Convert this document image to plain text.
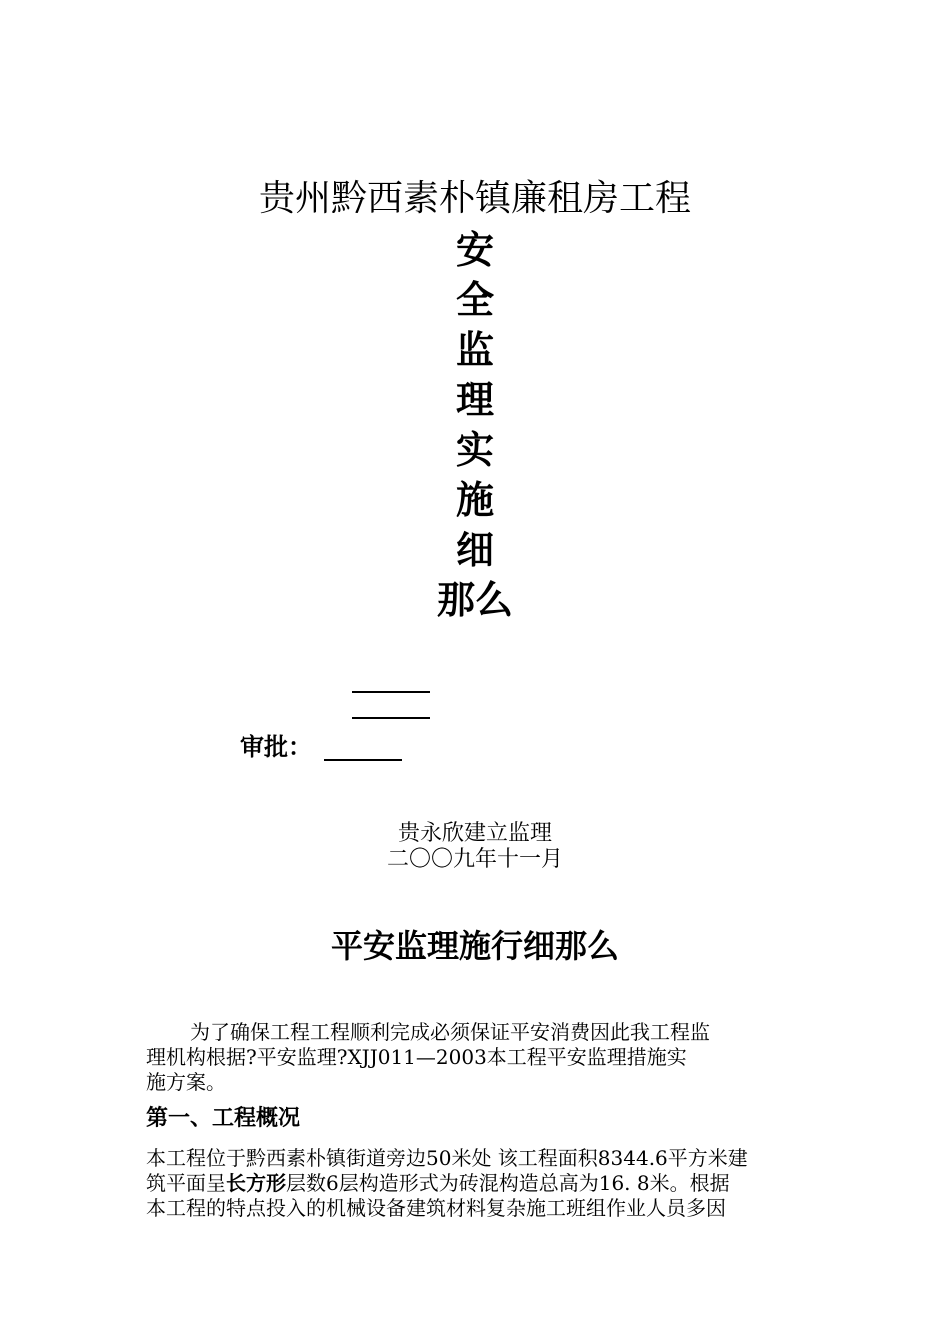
贵州黔西素朴镇廉租房工程
安
全
监
理
实
施
细
那么
审批：
贵永欣建立监理
二〇〇九年十一月
平安监理施行细那么
为了确保工程工程顺利完成必须保证平安消费因此我工程监
理机构根据?平安监理?XJJ011—2003本工程平安监理措施实
施方案。
第一、工程概况
本工程位于黔西素朴镇街道旁边50米处 该工程面积8344.6平方米建
筑平面呈长方形层数6层构造形式为砖混构造总高为16. 8米。根据
本工程的特点投入的机械设备建筑材料复杂施工班组作业人员多因
